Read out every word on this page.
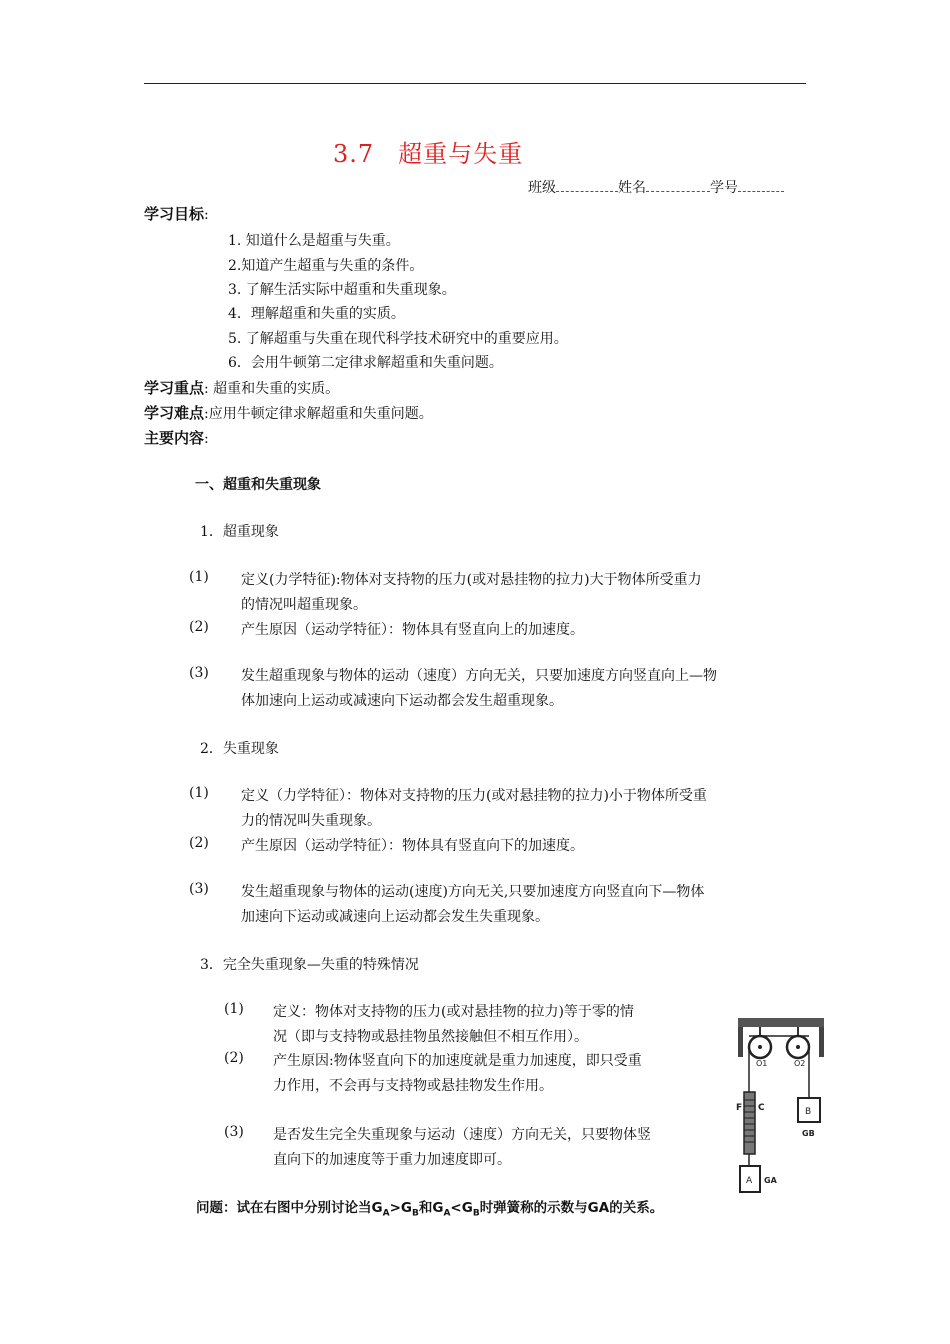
3.7 超重与失重
班级	姓名	学号
学习目标:
1. 知道什么是超重与失重。
2.知道产生超重与失重的条件。
3. 了解生活实际中超重和失重现象。
4．理解超重和失重的实质。
5. 了解超重与失重在现代科学技术研究中的重要应用。
6．会用牛顿第二定律求解超重和失重问题。
学习重点: 超重和失重的实质。
学习难点:应用牛顿定律求解超重和失重问题。
主要内容:
一、超重和失重现象
1．超重现象
(1) 定义(力学特征):物体对支持物的压力(或对悬挂物的拉力)大于物体所受重力
的情况叫超重现象。
(2) 产生原因（运动学特征）：物体具有竖直向上的加速度。
(3) 发生超重现象与物体的运动（速度）方向无关，只要加速度方向竖直向上—物
体加速向上运动或减速向下运动都会发生超重现象。
2．失重现象
(1) 定义（力学特征）：物体对支持物的压力(或对悬挂物的拉力)小于物体所受重
力的情况叫失重现象。
(2) 产生原因（运动学特征）：物体具有竖直向下的加速度。
(3) 发生超重现象与物体的运动(速度)方向无关,只要加速度方向竖直向下—物体
加速向下运动或减速向上运动都会发生失重现象。
3．完全失重现象—失重的特殊情况
(1) 定义：物体对支持物的压力(或对悬挂物的拉力)等于零的情
况（即与支持物或悬挂物虽然接触但不相互作用）。
(2) 产生原因:物体竖直向下的加速度就是重力加速度，即只受重
力作用，不会再与支持物或悬挂物发生作用。
(3) 是否发生完全失重现象与运动（速度）方向无关，只要物体竖
直向下的加速度等于重力加速度即可。
O1	O2
F C	B
GB
A GA
问题：试在右图中分别讨论当$G_A>G_B$和$G_A<G_B$时弹簧称的示数与GA的关系。
